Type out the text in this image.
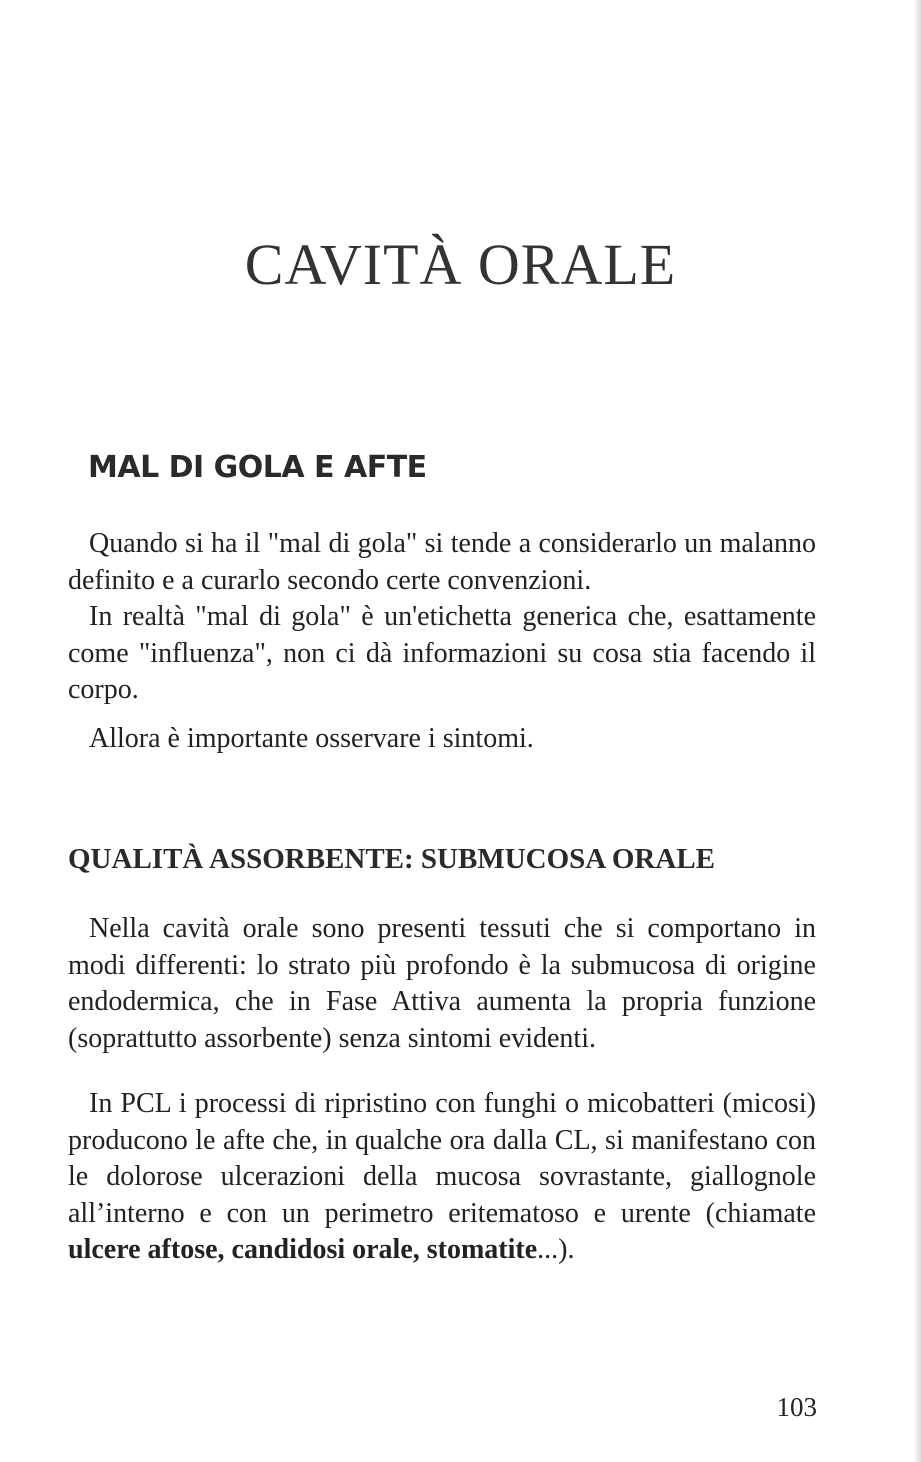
CAVITÀ ORALE
MAL DI GOLA E AFTE

Quando si ha il "mal di gola" si tende a considerarlo un malanno definito e a curarlo secondo certe convenzioni.

In realtà "mal di gola" è un'etichetta generica che, esattamente come "influenza", non ci dà informazioni su cosa stia facendo il corpo.

Allora è importante osservare i sintomi.

QUALITÀ ASSORBENTE: SUBMUCOSA ORALE

Nella cavità orale sono presenti tessuti che si comportano in modi differenti: lo strato più profondo è la submucosa di origine endodermica, che in Fase Attiva aumenta la propria funzione (soprattutto assorbente) senza sintomi evidenti.

In PCL i processi di ripristino con funghi o micobatteri (micosi) producono le afte che, in qualche ora dalla CL, si manifestano con le dolorose ulcerazioni della mucosa sovrastante, giallognole all’interno e con un perimetro eritematoso e urente (chiamate ulcere aftose, candidosi orale, stomatite...).

103
